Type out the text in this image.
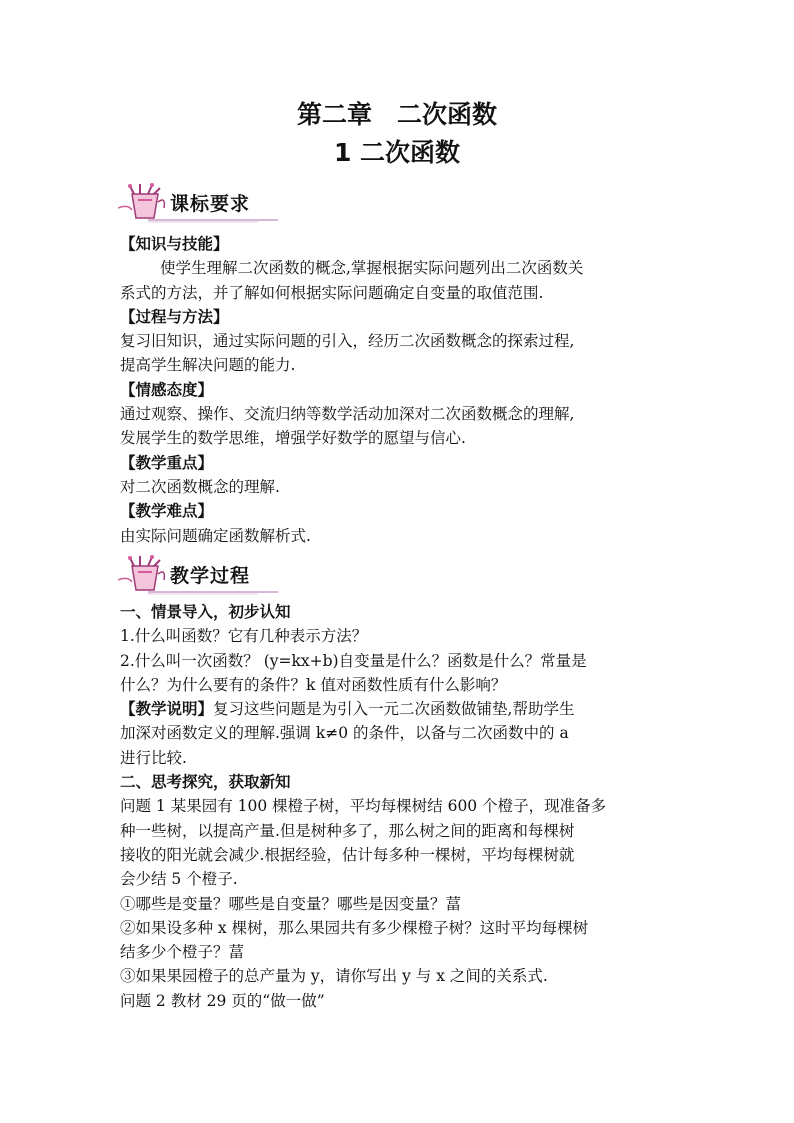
第二章　二次函数
1 二次函数
课标要求

【知识与技能】

使学生理解二次函数的概念,掌握根据实际问题列出二次函数关

系式的方法，并了解如何根据实际问题确定自变量的取值范围.

【过程与方法】

复习旧知识，通过实际问题的引入，经历二次函数概念的探索过程,

提高学生解决问题的能力.

【情感态度】

通过观察、操作、交流归纳等数学活动加深对二次函数概念的理解,

发展学生的数学思维，增强学好数学的愿望与信心.

【教学重点】

对二次函数概念的理解.

【教学难点】

由实际问题确定函数解析式.

教学过程

一、情景导入，初步认知

1.什么叫函数？它有几种表示方法？

2.什么叫一次函数？ (y=kx+b)自变量是什么？函数是什么？常量是

什么？为什么要有的条件？k 值对函数性质有什么影响？

【教学说明】复习这些问题是为引入一元二次函数做铺垫,帮助学生

加深对函数定义的理解.强调 k≠0 的条件，以备与二次函数中的 a

进行比较.

二、思考探究，获取新知

问题 1 某果园有 100 棵橙子树，平均每棵树结 600 个橙子，现准备多

种一些树，以提高产量.但是树种多了，那么树之间的距离和每棵树

接收的阳光就会减少.根据经验，估计每多种一棵树，平均每棵树就

会少结 5 个橙子.

①哪些是变量？哪些是自变量？哪些是因变量？葍

②如果设多种 x 棵树，那么果园共有多少棵橙子树？这时平均每棵树

结多少个橙子？葍

③如果果园橙子的总产量为 y，请你写出 y 与 x 之间的关系式.

问题 2 教材 29 页的“做一做”
